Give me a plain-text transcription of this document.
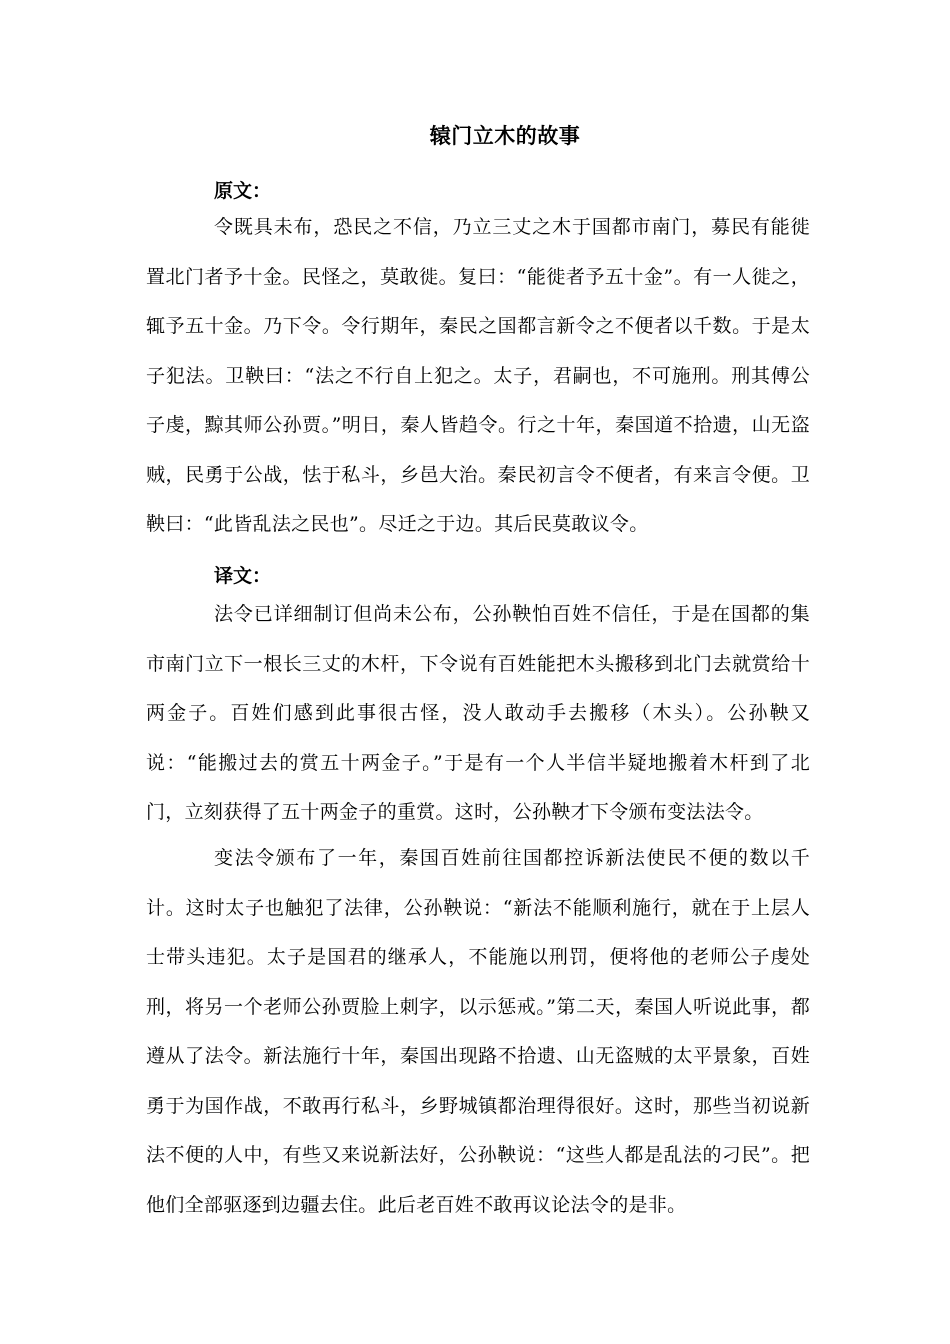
辕门立木的故事
原文：
令既具未布，恐民之不信，乃立三丈之木于国都市南门，募民有能徙置北门者予十金。民怪之，莫敢徙。复曰：“能徙者予五十金”。有一人徙之，辄予五十金。乃下令。令行期年，秦民之国都言新令之不便者以千数。于是太子犯法。卫鞅曰：“法之不行自上犯之。太子，君嗣也，不可施刑。刑其傅公子虔，黥其师公孙贾。”明日，秦人皆趋令。行之十年，秦国道不拾遗，山无盗贼，民勇于公战，怯于私斗，乡邑大治。秦民初言令不便者，有来言令便。卫鞅曰：“此皆乱法之民也”。尽迁之于边。其后民莫敢议令。
译文：
法令已详细制订但尚未公布，公孙鞅怕百姓不信任，于是在国都的集市南门立下一根长三丈的木杆，下令说有百姓能把木头搬移到北门去就赏给十两金子。百姓们感到此事很古怪，没人敢动手去搬移（木头）。公孙鞅又说：“能搬过去的赏五十两金子。”于是有一个人半信半疑地搬着木杆到了北门，立刻获得了五十两金子的重赏。这时，公孙鞅才下令颁布变法法令。
变法令颁布了一年，秦国百姓前往国都控诉新法使民不便的数以千计。这时太子也触犯了法律，公孙鞅说：“新法不能顺利施行，就在于上层人士带头违犯。太子是国君的继承人，不能施以刑罚，便将他的老师公子虔处刑，将另一个老师公孙贾脸上刺字，以示惩戒。”第二天，秦国人听说此事，都遵从了法令。新法施行十年，秦国出现路不拾遗、山无盗贼的太平景象，百姓勇于为国作战，不敢再行私斗，乡野城镇都治理得很好。这时，那些当初说新法不便的人中，有些又来说新法好，公孙鞅说：“这些人都是乱法的刁民”。把他们全部驱逐到边疆去住。此后老百姓不敢再议论法令的是非。
